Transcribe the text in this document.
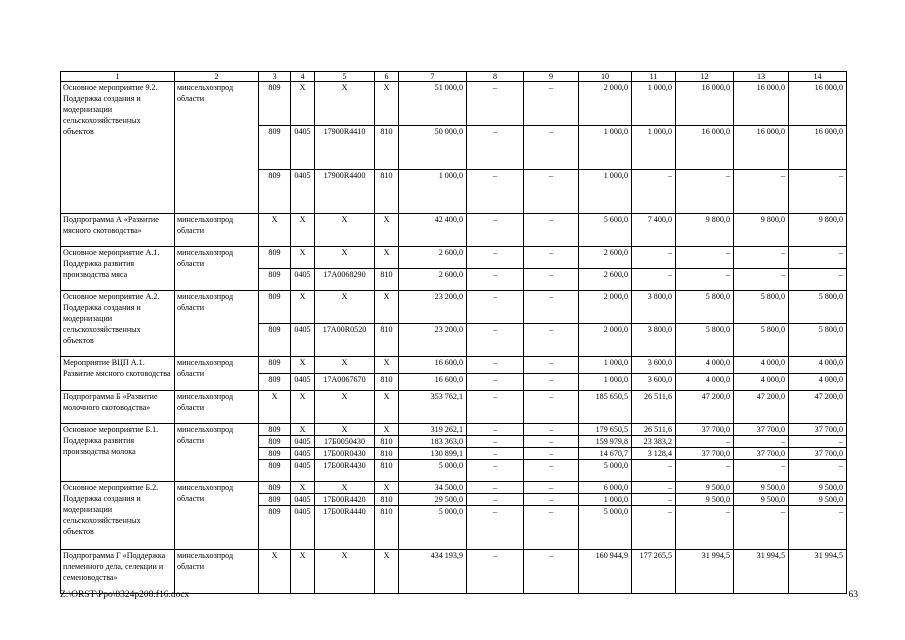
1	2	3	4	5	6	7	8	9	10	11	12	13	14
Основное мероприятие 9.2. Поддержка создания и модернизации сельскохозяйственных объектов	минсельхозпрод области	809	Х	Х	Х	51 000,0	–	–	2 000,0	1 000,0	16 000,0	16 000,0	16 000,0
		809	0405	17900R4410	810	50 000,0	–	–	1 000,0	1 000,0	16 000,0	16 000,0	16 000,0
		809	0405	17900R4400	810	1 000,0	–	–	1 000,0	–	–	–	–
Подпрограмма А «Развитие мясного скотоводства»	минсельхозпрод области	Х	Х	Х	Х	42 400,0	–	–	5 600,0	7 400,0	9 800,0	9 800,0	9 800,0
Основное мероприятие А.1. Поддержка развития производства мяса	минсельхозпрод области	809	Х	Х	Х	2 600,0	–	–	2 600,0	–	–	–	–
		809	0405	17А0068290	810	2 600,0	–	–	2 600,0	–	–	–	–
Основное мероприятие А.2. Поддержка создания и модернизации сельскохозяйственных объектов	минсельхозпрод области	809	Х	Х	Х	23 200,0	–	–	2 000,0	3 800,0	5 800,0	5 800,0	5 800,0
		809	0405	17А00R0520	810	23 200,0	–	–	2 000,0	3 800,0	5 800,0	5 800,0	5 800,0
Мероприятие ВЦП А.1. Развитие мясного скотоводства	минсельхозпрод области	809	Х	Х	Х	16 600,0	–	–	1 000,0	3 600,0	4 000,0	4 000,0	4 000,0
		809	0405	17А0067670	810	16 600,0	–	–	1 000,0	3 600,0	4 000,0	4 000,0	4 000,0
Подпрограмма Б «Развитие молочного скотоводства»	минсельхозпрод области	Х	Х	Х	Х	353 762,1	–	–	185 650,5	26 511,6	47 200,0	47 200,0	47 200,0
Основное мероприятие Б.1. Поддержка развития производства молока	минсельхозпрод области	809	Х	Х	Х	319 262,1	–	–	179 650,5	26 511,6	37 700,0	37 700,0	37 700,0
		809	0405	17Б0050430	810	183 363,0	–	–	159 979,8	23 383,2	–	–	–
		809	0405	17Б00R0430	810	130 899,1	–	–	14 670,7	3 128,4	37 700,0	37 700,0	37 700,0
		809	0405	17Б00R4430	810	5 000,0	–	–	5 000,0	–	–	–	–
Основное мероприятие Б.2. Поддержка создания и модернизации сельскохозяйственных объектов	минсельхозпрод области	809	Х	Х	Х	34 500,0	–	–	6 000,0	–	9 500,0	9 500,0	9 500,0
		809	0405	17Б00R4420	810	29 500,0	–	–	1 000,0	–	9 500,0	9 500,0	9 500,0
		809	0405	17Б00R4440	810	5 000,0	–	–	5 000,0	–	–	–	–
Подпрограмма Г «Поддержка племенного дела, селекции и семеноводства»	минсельхозпрод области	Х	Х	Х	Х	434 193,9	–	–	160 944,9	177 265,5	31 994,5	31 994,5	31 994,5
Z:\ORST\Ppo\0324p208.f16.docx	63
